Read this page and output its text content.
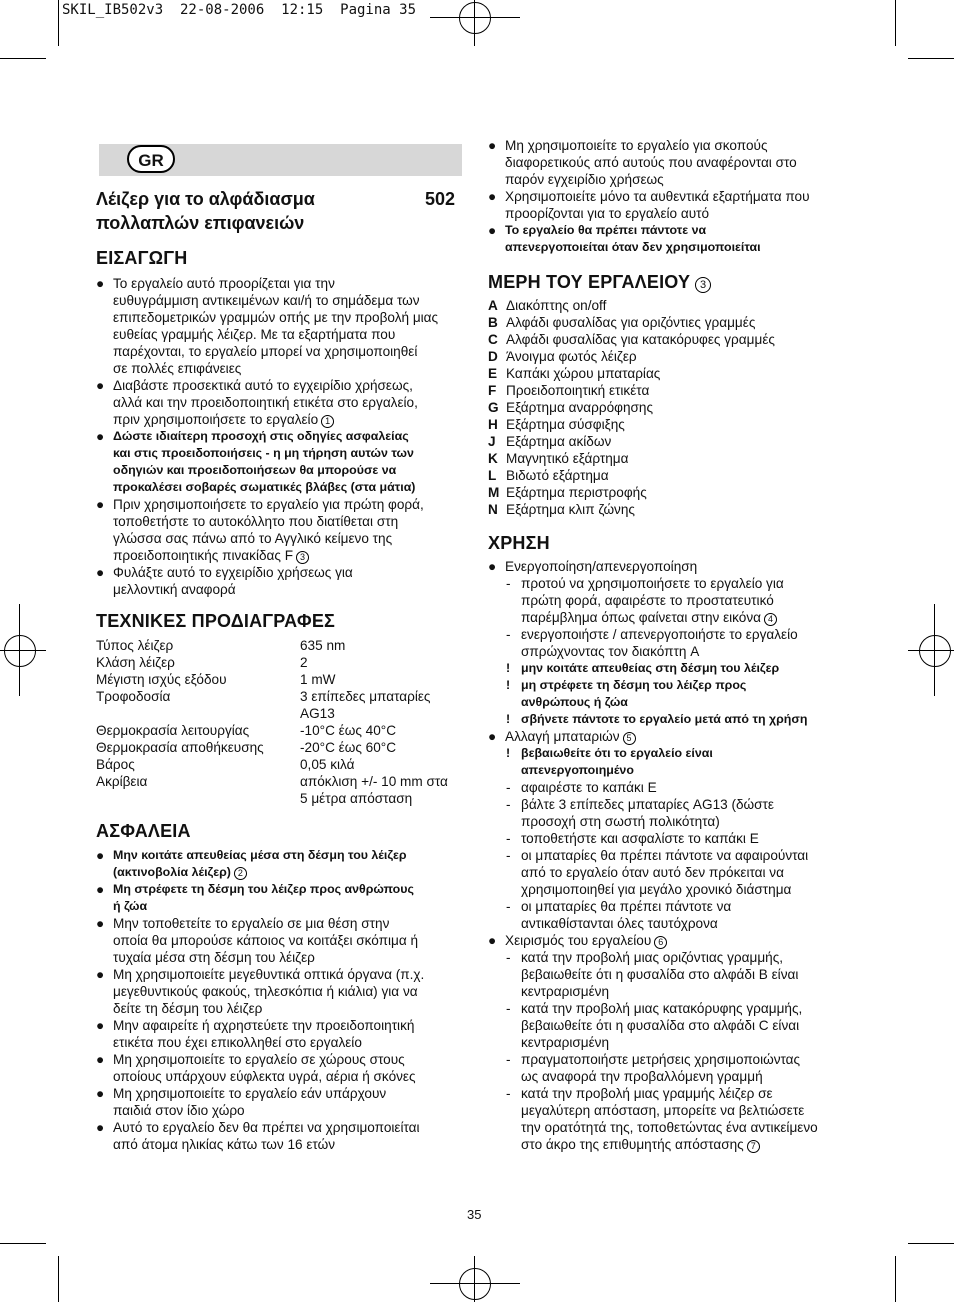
SKIL_IB502v3  22-08-2006  12:15  Pagina 35
GR
Λέιζερ για το αλφάδιασμα
πολλαπλών επιφανειών
502
ΕΙΣΑΓΩΓΗ
● Το εργαλείο αυτό προορίζεται για την
ευθυγράμμιση αντικειμένων και/ή το σημάδεμα των
επιπεδομετρικών γραμμών οπής με την προβολή μιας
ευθείας γραμμής λέιζερ. Με τα εξαρτήματα που
παρέχονται, το εργαλείο μπορεί να χρησιμοποιηθεί
σε πολλές επιφάνειες
● Διαβάστε προσεκτικά αυτό το εγχειρίδιο χρήσεως,
αλλά και την προειδοποιητική ετικέτα στο εργαλείο,
πριν χρησιμοποιήσετε το εργαλείο 1
● Δώστε ιδιαίτερη προσοχή στις οδηγίες ασφαλείας
και στις προειδοποιήσεις - η μη τήρηση αυτών των
οδηγιών και προειδοποιήσεων θα μπορούσε να
προκαλέσει σοβαρές σωματικές βλάβες (στα μάτια)
● Πριν χρησιμοποιήσετε το εργαλείο για πρώτη φορά,
τοποθετήστε το αυτοκόλλητο που διατίθεται στη
γλώσσα σας πάνω από το Αγγλικό κείμενο της
προειδοποιητικής πινακίδας F 3
● Φυλάξτε αυτό το εγχειρίδιο χρήσεως για
μελλοντική αναφορά
ΤΕΧΝΙΚΕΣ ΠΡΟΔΙΑΓΡΑΦΕΣ
Τύπος λέιζερ	635 nm
Κλάση λέιζερ	2
Μέγιστη ισχύς εξόδου	1 mW
Τροφοδοσία	3 επίπεδες μπαταρίες
AG13
Θερμοκρασία λειτουργίας	-10°C έως 40°C
Θερμοκρασία αποθήκευσης	-20°C έως 60°C
Βάρος	0,05 κιλά
Ακρίβεια	απόκλιση +/- 10 mm στα
5 μέτρα απόσταση
ΑΣΦΑΛΕΙΑ
● Μην κοιτάτε απευθείας μέσα στη δέσμη του λέιζερ
(ακτινοβολία λέιζερ) 2
● Μη στρέφετε τη δέσμη του λέιζερ προς ανθρώπους
ή ζώα
● Μην τοποθετείτε το εργαλείο σε μια θέση στην
οποία θα μπορούσε κάποιος να κοιτάξει σκόπιμα ή
τυχαία μέσα στη δέσμη του λέιζερ
● Μη χρησιμοποιείτε μεγεθυντικά οπτικά όργανα (π.χ.
μεγεθυντικούς φακούς, τηλεσκόπια ή κιάλια) για να
δείτε τη δέσμη του λέιζερ
● Μην αφαιρείτε ή αχρηστεύετε την προειδοποιητική
ετικέτα που έχει επικολληθεί στο εργαλείο
● Μη χρησιμοποιείτε το εργαλείο σε χώρους στους
οποίους υπάρχουν εύφλεκτα υγρά, αέρια ή σκόνες
● Μη χρησιμοποιείτε το εργαλείο εάν υπάρχουν
παιδιά στον ίδιο χώρο
● Αυτό το εργαλείο δεν θα πρέπει να χρησιμοποιείται
από άτομα ηλικίας κάτω των 16 ετών
● Μη χρησιμοποιείτε το εργαλείο για σκοπούς
διαφορετικούς από αυτούς που αναφέρονται στο
παρόν εγχειρίδιο χρήσεως
● Χρησιμοποιείτε μόνο τα αυθεντικά εξαρτήματα που
προορίζονται για το εργαλείο αυτό
● Το εργαλείο θα πρέπει πάντοτε να
απενεργοποιείται όταν δεν χρησιμοποιείται
ΜΕΡΗ ΤΟΥ ΕΡΓΑΛΕΙΟΥ 3
A Διακόπτης on/off
B Αλφάδι φυσαλίδας για οριζόντιες γραμμές
C Αλφάδι φυσαλίδας για κατακόρυφες γραμμές
D Άνοιγμα φωτός λέιζερ
E Καπάκι χώρου μπαταρίας
F Προειδοποιητική ετικέτα
G Εξάρτημα αναρρόφησης
H Εξάρτημα σύσφιξης
J Εξάρτημα ακίδων
K Μαγνητικό εξάρτημα
L Βιδωτό εξάρτημα
M Εξάρτημα περιστροφής
N Εξάρτημα κλιπ ζώνης
ΧΡΗΣΗ
● Ενεργοποίηση/απενεργοποίηση
- προτού να χρησιμοποιήσετε το εργαλείο για
πρώτη φορά, αφαιρέστε το προστατευτικό
παρέμβλημα όπως φαίνεται στην εικόνα 4
- ενεργοποιήστε / απενεργοποιήστε το εργαλείο
σπρώχνοντας τον διακόπτη A
! μην κοιτάτε απευθείας στη δέσμη του λέιζερ
! μη στρέφετε τη δέσμη του λέιζερ προς
ανθρώπους ή ζώα
! σβήνετε πάντοτε το εργαλείο μετά από τη χρήση
● Αλλαγή μπαταριών 5
! βεβαιωθείτε ότι το εργαλείο είναι
απενεργοποιημένο
- αφαιρέστε το καπάκι E
- βάλτε 3 επίπεδες μπαταρίες AG13 (δώστε
προσοχή στη σωστή πολικότητα)
- τοποθετήστε και ασφαλίστε το καπάκι E
- οι μπαταρίες θα πρέπει πάντοτε να αφαιρούνται
από το εργαλείο όταν αυτό δεν πρόκειται να
χρησιμοποιηθεί για μεγάλο χρονικό διάστημα
- οι μπαταρίες θα πρέπει πάντοτε να
αντικαθίστανται όλες ταυτόχρονα
● Χειρισμός του εργαλείου 6
- κατά την προβολή μιας οριζόντιας γραμμής,
βεβαιωθείτε ότι η φυσαλίδα στο αλφάδι B είναι
κεντραρισμένη
- κατά την προβολή μιας κατακόρυφης γραμμής,
βεβαιωθείτε ότι η φυσαλίδα στο αλφάδι C είναι
κεντραρισμένη
- πραγματοποιήστε μετρήσεις χρησιμοποιώντας
ως αναφορά την προβαλλόμενη γραμμή
- κατά την προβολή μιας γραμμής λέιζερ σε
μεγαλύτερη απόσταση, μπορείτε να βελτιώσετε
την ορατότητά της, τοποθετώντας ένα αντικείμενο
στο άκρο της επιθυμητής απόστασης 7
35
